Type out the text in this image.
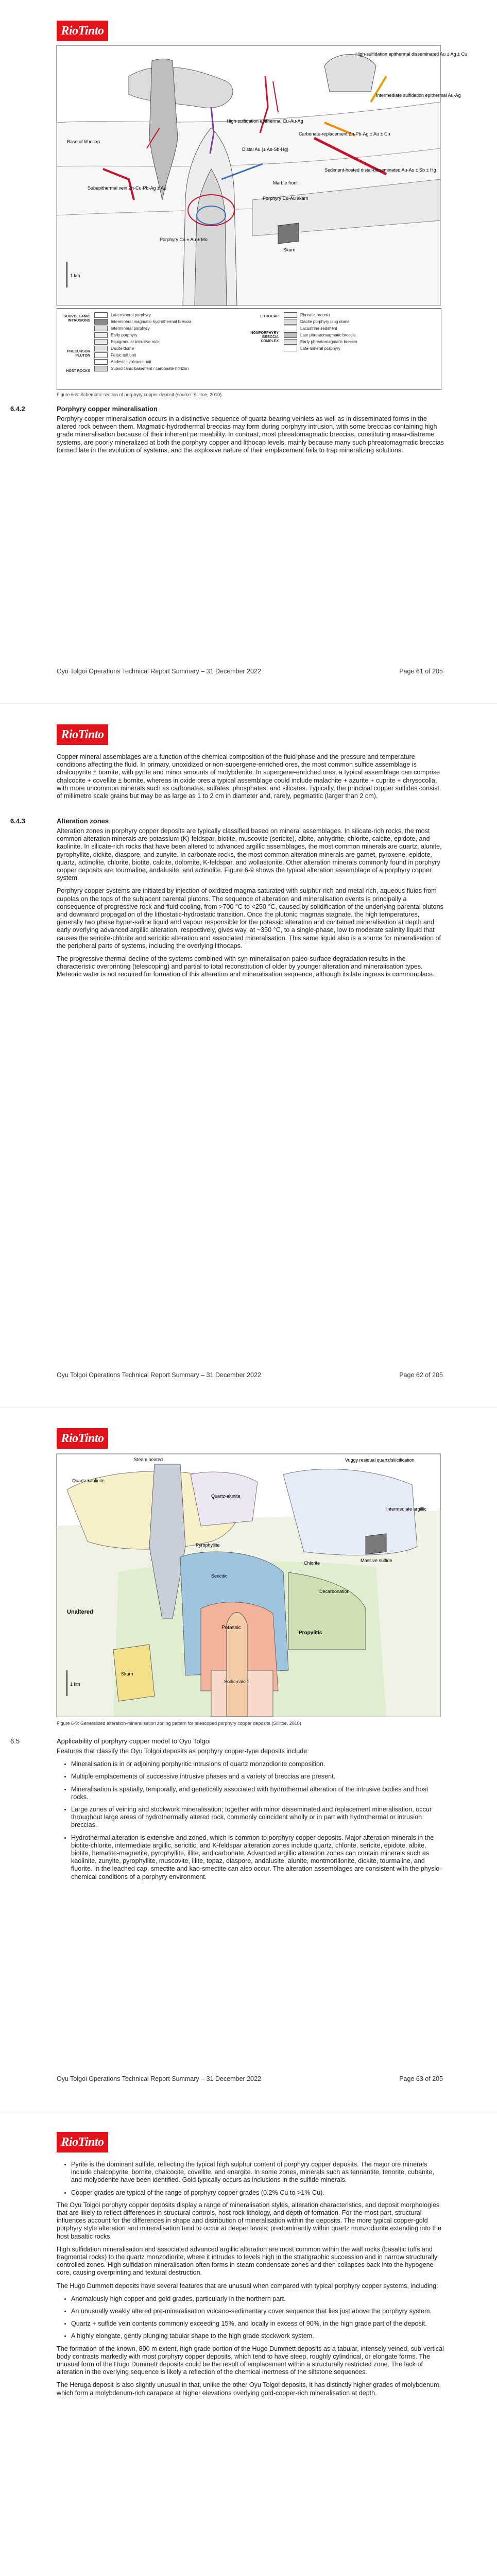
RioTinto
High-sulfidation epithermal disseminated Au ± Ag ± Cu
Intermediate sulfidation epithermal Au-Ag
Base of lithocap
High-sulfidation epithermal Cu-Au-Ag
Carbonate-replacement Zn-Pb-Ag ± Au ± Cu
Distal Au (± As-Sb-Hg)
Subepithermal vein Zn-Cu-Pb-Ag ± Au
Sediment-hosted distal-disseminated Au-As ± Sb ± Hg
Marble front
Porphyry Cu ± Au ± Mo
Skarn
Porphyry Cu-Au skarn
1 km
SUBVOLCANIC INTRUSIONS
PRECURSOR PLUTON
HOST ROCKS
LITHOCAP
NONPORPHYRY BRECCIA COMPLEX
Late-mineral porphyry
Intermineral magmatic-hydrothermal breccia
Intermineral porphyry
Early porphyry
Equigranular intrusive rock
Dacite dome
Felsic tuff unit
Andesitic volcanic unit
Subvolcanic basement / carbonate horizon
Phreatic breccia
Dacite porphyry plug dome
Lacustrine sediment
Late phreatomagmatic breccia
Early phreatomagmatic breccia
Late-mineral porphyry
Figure 6-8: Schematic section of porphyry copper deposit (source: Sillitoe, 2010)
6.4.2	Porphyry copper mineralisation

Porphyry copper mineralisation occurs in a distinctive sequence of quartz-bearing veinlets as well as in disseminated forms in the altered rock between them. Magmatic-hydrothermal breccias may form during porphyry intrusion, with some breccias containing high grade mineralisation because of their inherent permeability. In contrast, most phreatomagmatic breccias, constituting maar-diatreme systems, are poorly mineralized at both the porphyry copper and lithocap levels, mainly because many such phreatomagmatic breccias formed late in the evolution of systems, and the explosive nature of their emplacement fails to trap mineralizing solutions.

Oyu Tolgoi Operations Technical Report Summary – 31 December 2022	Page 61 of 205
RioTinto

Copper mineral assemblages are a function of the chemical composition of the fluid phase and the pressure and temperature conditions affecting the fluid. In primary, unoxidized or non-supergene-enriched ores, the most common sulfide assemblage is chalcopyrite ± bornite, with pyrite and minor amounts of molybdenite. In supergene-enriched ores, a typical assemblage can comprise chalcocite + covellite ± bornite, whereas in oxide ores a typical assemblage could include malachite + azurite + cuprite + chrysocolla, with more uncommon minerals such as carbonates, sulfates, phosphates, and silicates. Typically, the principal copper sulfides consist of millimetre scale grains but may be as large as 1 to 2 cm in diameter and, rarely, pegmatitic (larger than 2 cm).

6.4.3	Alteration zones

Alteration zones in porphyry copper deposits are typically classified based on mineral assemblages. In silicate-rich rocks, the most common alteration minerals are potassium (K)-feldspar, biotite, muscovite (sericite), albite, anhydrite, chlorite, calcite, epidote, and kaolinite. In silicate-rich rocks that have been altered to advanced argillic assemblages, the most common minerals are quartz, alunite, pyrophyllite, dickite, diaspore, and zunyite. In carbonate rocks, the most common alteration minerals are garnet, pyroxene, epidote, quartz, actinolite, chlorite, biotite, calcite, dolomite, K-feldspar, and wollastonite. Other alteration minerals commonly found in porphyry copper deposits are tourmaline, andalusite, and actinolite. Figure 6-9 shows the typical alteration assemblage of a porphyry copper system.

Porphyry copper systems are initiated by injection of oxidized magma saturated with sulphur-rich and metal-rich, aqueous fluids from cupolas on the tops of the subjacent parental plutons. The sequence of alteration and mineralisation events is principally a consequence of progressive rock and fluid cooling, from >700 °C to <250 °C, caused by solidification of the underlying parental plutons and downward propagation of the lithostatic-hydrostatic transition. Once the plutonic magmas stagnate, the high temperatures, generally two phase hyper-saline liquid and vapour responsible for the potassic alteration and contained mineralisation at depth and early overlying advanced argillic alteration, respectively, gives way, at ~350 °C, to a single-phase, low to moderate salinity liquid that causes the sericite-chlorite and sericitic alteration and associated mineralisation. This same liquid also is a source for mineralisation of the peripheral parts of systems, including the overlying lithocaps.

The progressive thermal decline of the systems combined with syn-mineralisation paleo-surface degradation results in the characteristic overprinting (telescoping) and partial to total reconstitution of older by younger alteration and mineralisation types. Meteoric water is not required for formation of this alteration and mineralisation sequence, although its late ingress is commonplace.

Oyu Tolgoi Operations Technical Report Summary – 31 December 2022	Page 62 of 205
RioTinto
Steam heated
Quartz-kaolinite
Vuggy residual quartz/silicification
Quartz-alunite
Intermediate argillic
Chlorite
Pyrophyllite
Decarbonation
Sericitic
Sodic-calcic
Massive sulfide
Unaltered
Potassic
Propylitic
Skarn
1 km
Figure 6-9: Generalized alteration-mineralisation zoning pattern for telescoped porphyry copper deposits (Sillitoe, 2010)
6.5	Applicability of porphyry copper model to Oyu Tolgoi

Features that classify the Oyu Tolgoi deposits as porphyry copper-type deposits include:

• Mineralisation is in or adjoining porphyritic intrusions of quartz monzodiorite composition.
• Multiple emplacements of successive intrusive phases and a variety of breccias are present.
• Mineralisation is spatially, temporally, and genetically associated with hydrothermal alteration of the intrusive bodies and host rocks.
• Large zones of veining and stockwork mineralisation; together with minor disseminated and replacement mineralisation, occur throughout large areas of hydrothermally altered rock, commonly coincident wholly or in part with hydrothermal or intrusion breccias.
• Hydrothermal alteration is extensive and zoned, which is common to porphyry copper deposits. Major alteration minerals in the biotite-chlorite, intermediate argillic, sericitic, and K-feldspar alteration zones include quartz, chlorite, sericite, epidote, albite, biotite, hematite-magnetite, pyrophyllite, illite, and carbonate. Advanced argillic alteration zones can contain minerals such as kaolinite, zunyite, pyrophyllite, muscovite, illite, topaz, diaspore, andalusite, alunite, montmorillonite, dickite, tourmaline, and fluorite. In the leached cap, smectite and kao-smectite can also occur. The alteration assemblages are consistent with the physio-chemical conditions of a porphyry environment.
Oyu Tolgoi Operations Technical Report Summary – 31 December 2022	Page 63 of 205
RioTinto
• Pyrite is the dominant sulfide, reflecting the typical high sulphur content of porphyry copper deposits. The major ore minerals include chalcopyrite, bornite, chalcocite, covellite, and enargite. In some zones, minerals such as tennantite, tenorite, cubanite, and molybdenite have been identified. Gold typically occurs as inclusions in the sulfide minerals.
• Copper grades are typical of the range of porphyry copper grades (0.2% Cu to >1% Cu).

The Oyu Tolgoi porphyry copper deposits display a range of mineralisation styles, alteration characteristics, and deposit morphologies that are likely to reflect differences in structural controls, host rock lithology, and depth of formation. For the most part, structural influences account for the differences in shape and distribution of mineralisation within the deposits. The more typical copper-gold porphyry style alteration and mineralisation tend to occur at deeper levels; predominantly within quartz monzodiorite extending into the host basaltic rocks.

High sulfidation mineralisation and associated advanced argillic alteration are most common within the wall rocks (basaltic tuffs and fragmental rocks) to the quartz monzodiorite, where it intrudes to levels high in the stratigraphic succession and in narrow structurally controlled zones. High sulfidation mineralisation often forms in steam condensate zones and then collapses back into the hypogene core, causing overprinting and textural destruction.

The Hugo Dummett deposits have several features that are unusual when compared with typical porphyry copper systems, including:

• Anomalously high copper and gold grades, particularly in the northern part.
• An unusually weakly altered pre-mineralisation volcano-sedimentary cover sequence that lies just above the porphyry system.
• Quartz + sulfide vein contents commonly exceeding 15%, and locally in excess of 90%, in the high grade part of the deposit.
• A highly elongate, gently plunging tabular shape to the high grade stockwork system.

The formation of the known, 800 m extent, high grade portion of the Hugo Dummett deposits as a tabular, intensely veined, sub-vertical body contrasts markedly with most porphyry copper deposits, which tend to have steep, roughly cylindrical, or elongate forms. The unusual form of the Hugo Dummett deposits could be the result of emplacement within a structurally restricted zone. The lack of alteration in the overlying sequence is likely a reflection of the chemical inertness of the siltstone sequences.

The Heruga deposit is also slightly unusual in that, unlike the other Oyu Tolgoi deposits, it has distinctly higher grades of molybdenum, which form a molybdenum-rich carapace at higher elevations overlying gold-copper-rich mineralisation at depth.
